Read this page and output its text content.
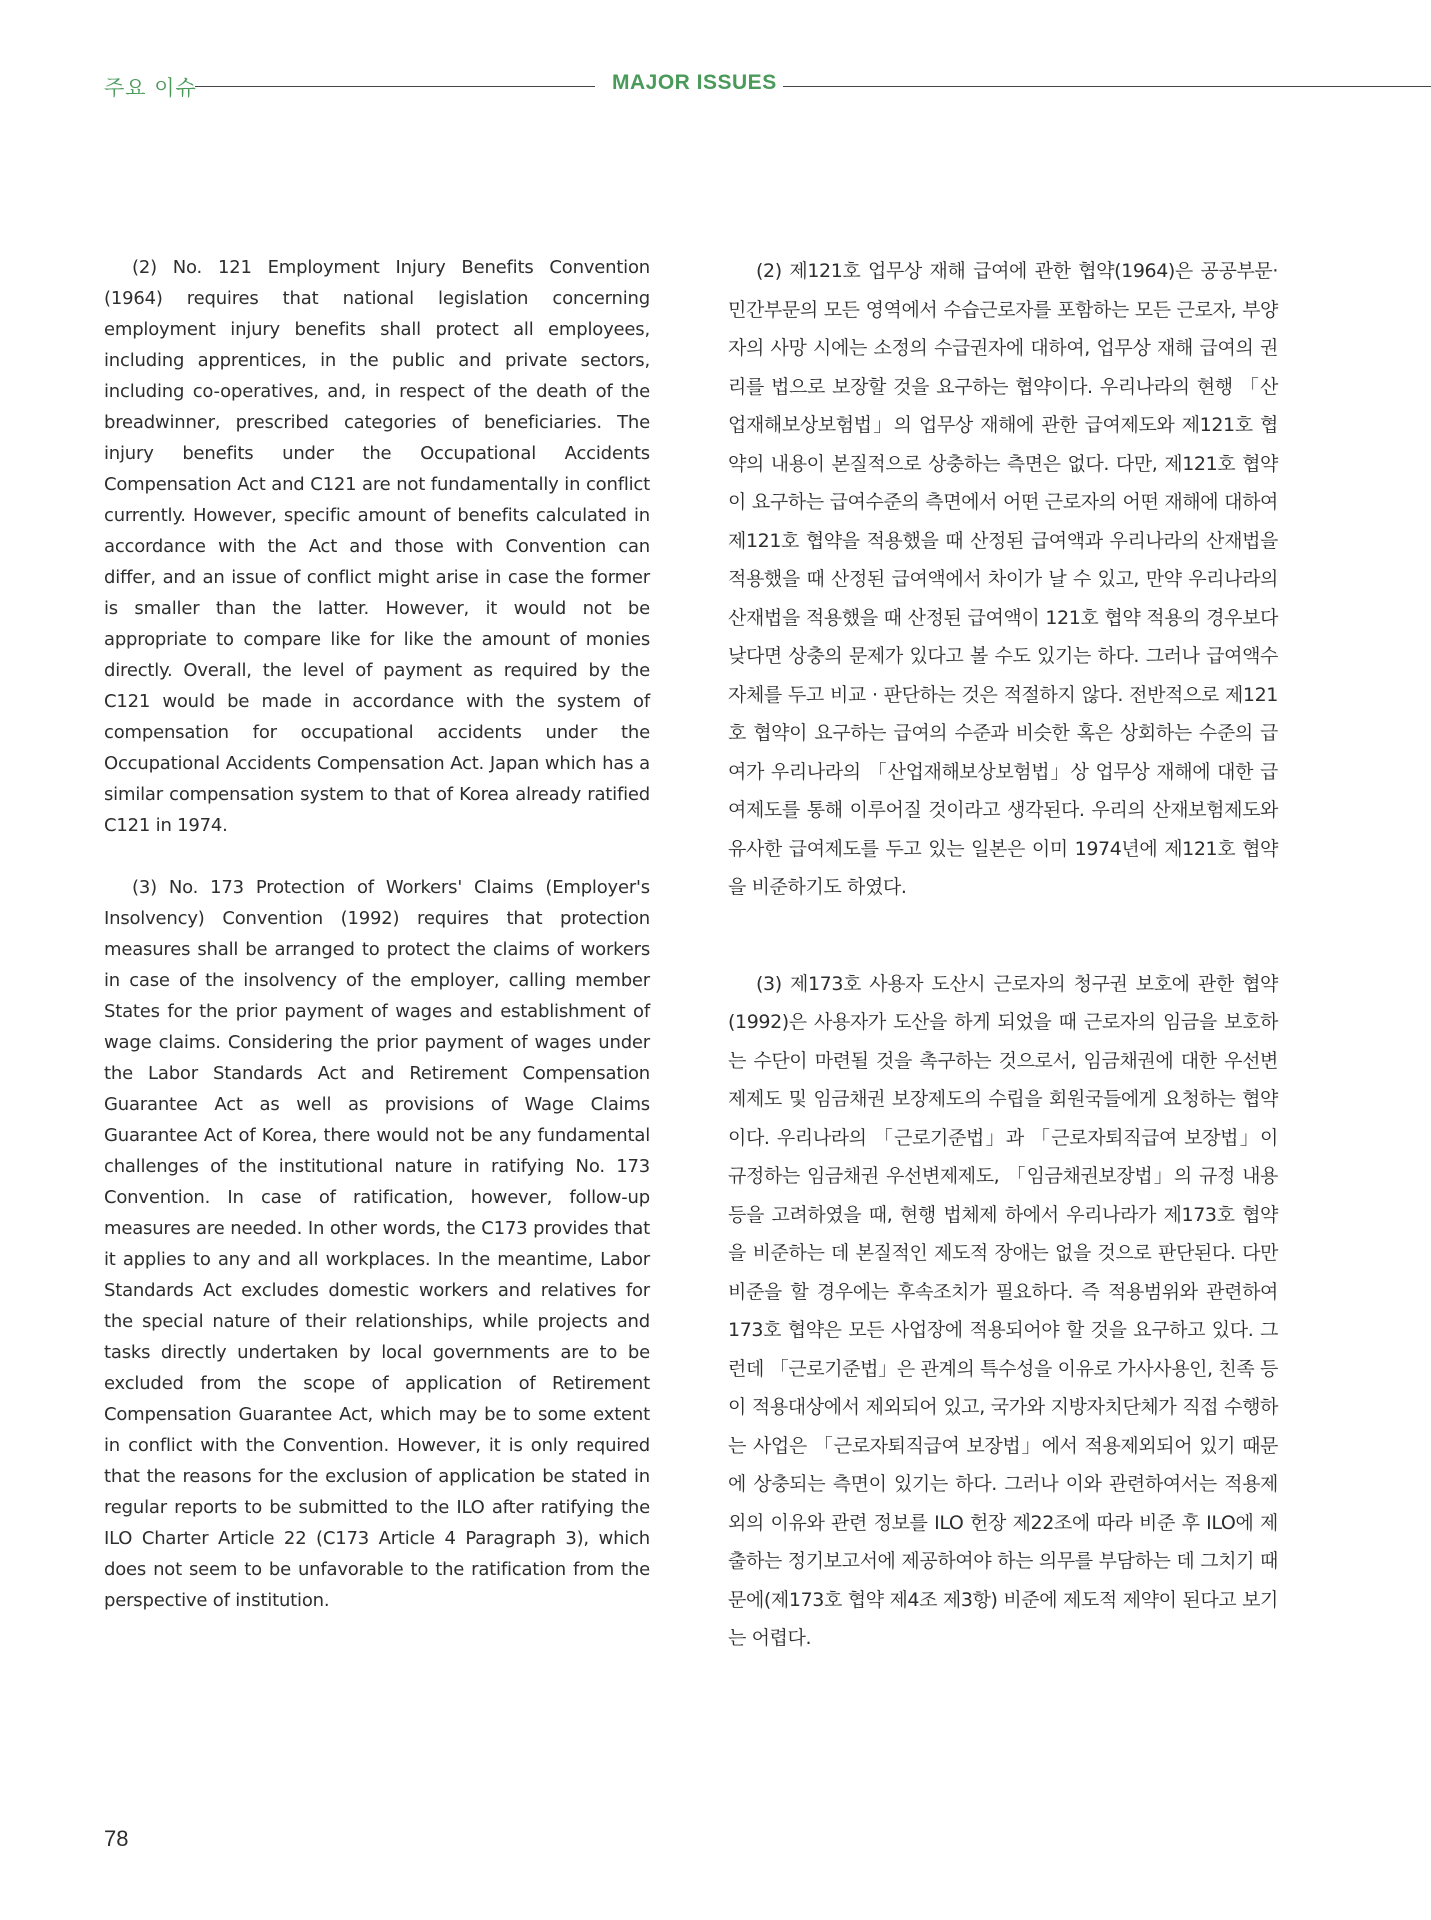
주요 이슈	MAJOR ISSUES

(2) No. 121 Employment Injury Benefits Convention (1964) requires that national legislation concerning employment injury benefits shall protect all employees, including apprentices, in the public and private sectors, including co-operatives, and, in respect of the death of the breadwinner, prescribed categories of beneficiaries. The injury benefits under the Occupational Accidents Compensation Act and C121 are not fundamentally in conflict currently. However, specific amount of benefits calculated in accordance with the Act and those with Convention can differ, and an issue of conflict might arise in case the former is smaller than the latter. However, it would not be appropriate to compare like for like the amount of monies directly. Overall, the level of payment as required by the C121 would be made in accordance with the system of compensation for occupational accidents under the Occupational Accidents Compensation Act. Japan which has a similar compensation system to that of Korea already ratified C121 in 1974.

(3) No. 173 Protection of Workers' Claims (Employer's Insolvency) Convention (1992) requires that protection measures shall be arranged to protect the claims of workers in case of the insolvency of the employer, calling member States for the prior payment of wages and establishment of wage claims. Considering the prior payment of wages under the Labor Standards Act and Retirement Compensation Guarantee Act as well as provisions of Wage Claims Guarantee Act of Korea, there would not be any fundamental challenges of the institutional nature in ratifying No. 173 Convention. In case of ratification, however, follow-up measures are needed. In other words, the C173 provides that it applies to any and all workplaces. In the meantime, Labor Standards Act excludes domestic workers and relatives for the special nature of their relationships, while projects and tasks directly undertaken by local governments are to be excluded from the scope of application of Retirement Compensation Guarantee Act, which may be to some extent in conflict with the Convention. However, it is only required that the reasons for the exclusion of application be stated in regular reports to be submitted to the ILO after ratifying the ILO Charter Article 22 (C173 Article 4 Paragraph 3), which does not seem to be unfavorable to the ratification from the perspective of institution.

(2) 제121호 업무상 재해 급여에 관한 협약(1964)은 공공부문·민간부문의 모든 영역에서 수습근로자를 포함하는 모든 근로자, 부양자의 사망 시에는 소정의 수급권자에 대하여, 업무상 재해 급여의 권리를 법으로 보장할 것을 요구하는 협약이다. 우리나라의 현행 「산업재해보상보험법」의 업무상 재해에 관한 급여제도와 제121호 협약의 내용이 본질적으로 상충하는 측면은 없다. 다만, 제121호 협약이 요구하는 급여수준의 측면에서 어떤 근로자의 어떤 재해에 대하여 제121호 협약을 적용했을 때 산정된 급여액과 우리나라의 산재법을 적용했을 때 산정된 급여액에서 차이가 날 수 있고, 만약 우리나라의 산재법을 적용했을 때 산정된 급여액이 121호 협약 적용의 경우보다 낮다면 상충의 문제가 있다고 볼 수도 있기는 하다. 그러나 급여액수 자체를 두고 비교 · 판단하는 것은 적절하지 않다. 전반적으로 제121호 협약이 요구하는 급여의 수준과 비슷한 혹은 상회하는 수준의 급여가 우리나라의 「산업재해보상보험법」상 업무상 재해에 대한 급여제도를 통해 이루어질 것이라고 생각된다. 우리의 산재보험제도와 유사한 급여제도를 두고 있는 일본은 이미 1974년에 제121호 협약을 비준하기도 하였다.

(3) 제173호 사용자 도산시 근로자의 청구권 보호에 관한 협약(1992)은 사용자가 도산을 하게 되었을 때 근로자의 임금을 보호하는 수단이 마련될 것을 촉구하는 것으로서, 임금채권에 대한 우선변제제도 및 임금채권 보장제도의 수립을 회원국들에게 요청하는 협약이다. 우리나라의 「근로기준법」과 「근로자퇴직급여 보장법」이 규정하는 임금채권 우선변제제도, 「임금채권보장법」의 규정 내용 등을 고려하였을 때, 현행 법체제 하에서 우리나라가 제173호 협약을 비준하는 데 본질적인 제도적 장애는 없을 것으로 판단된다. 다만 비준을 할 경우에는 후속조치가 필요하다. 즉 적용범위와 관련하여 173호 협약은 모든 사업장에 적용되어야 할 것을 요구하고 있다. 그런데 「근로기준법」은 관계의 특수성을 이유로 가사사용인, 친족 등이 적용대상에서 제외되어 있고, 국가와 지방자치단체가 직접 수행하는 사업은 「근로자퇴직급여 보장법」에서 적용제외되어 있기 때문에 상충되는 측면이 있기는 하다. 그러나 이와 관련하여서는 적용제외의 이유와 관련 정보를 ILO 헌장 제22조에 따라 비준 후 ILO에 제출하는 정기보고서에 제공하여야 하는 의무를 부담하는 데 그치기 때문에(제173호 협약 제4조 제3항) 비준에 제도적 제약이 된다고 보기는 어렵다.

78
